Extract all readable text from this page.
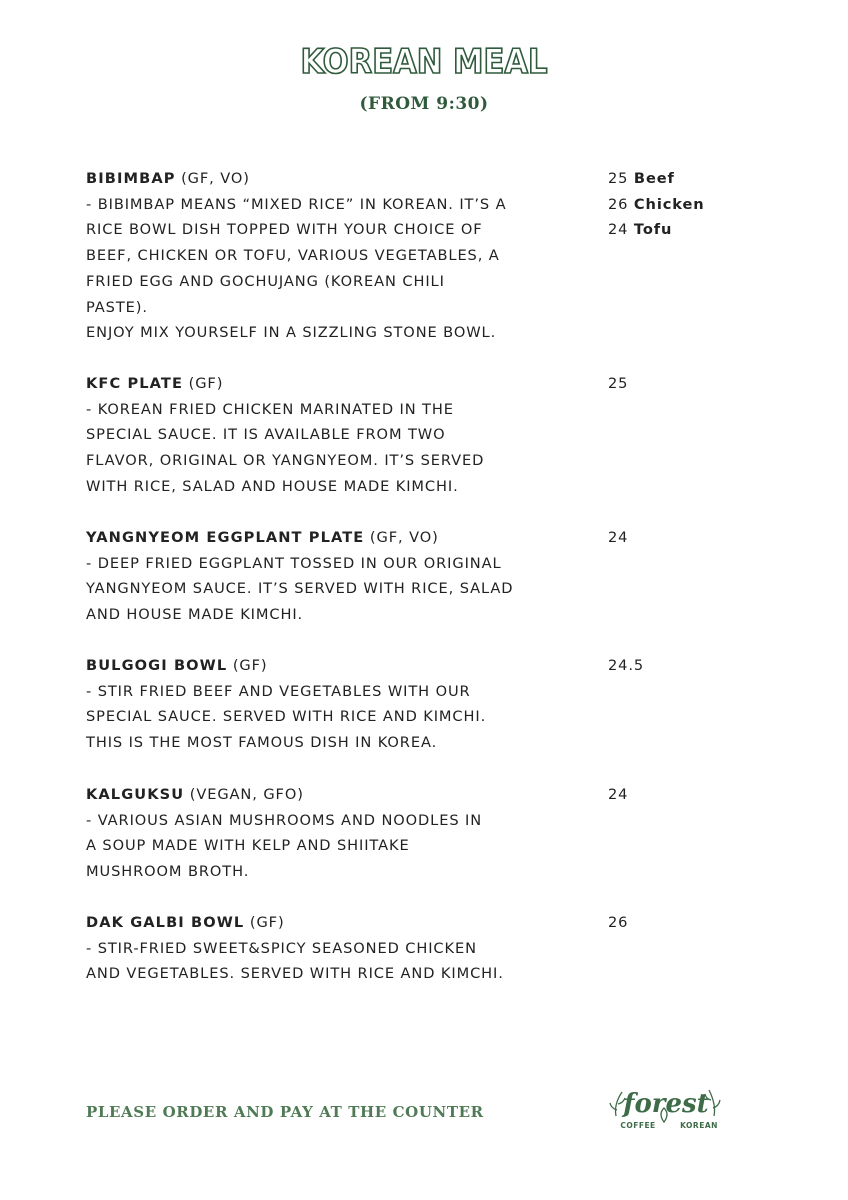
KOREAN MEAL
(FROM 9:30)
BIBIMBAP (GF, VO)
- BIBIMBAP MEANS “MIXED RICE” IN KOREAN. IT’S A
RICE BOWL DISH TOPPED WITH YOUR CHOICE OF
BEEF, CHICKEN OR TOFU, VARIOUS VEGETABLES, A
FRIED EGG AND GOCHUJANG (KOREAN CHILI
PASTE).
ENJOY MIX YOURSELF IN A SIZZLING STONE BOWL.
25 Beef
26 Chicken
24 Tofu
KFC PLATE (GF)
- KOREAN FRIED CHICKEN MARINATED IN THE
SPECIAL SAUCE. IT IS AVAILABLE FROM TWO
FLAVOR, ORIGINAL OR YANGNYEOM. IT’S SERVED
WITH RICE, SALAD AND HOUSE MADE KIMCHI.
25
YANGNYEOM EGGPLANT PLATE (GF, VO)
- DEEP FRIED EGGPLANT TOSSED IN OUR ORIGINAL
YANGNYEOM SAUCE. IT’S SERVED WITH RICE, SALAD
AND HOUSE MADE KIMCHI.
24
BULGOGI BOWL (GF)
- STIR FRIED BEEF AND VEGETABLES WITH OUR
SPECIAL SAUCE. SERVED WITH RICE AND KIMCHI.
THIS IS THE MOST FAMOUS DISH IN KOREA.
24.5
KALGUKSU (VEGAN, GFO)
- VARIOUS ASIAN MUSHROOMS AND NOODLES IN
A SOUP MADE WITH KELP AND SHIITAKE
MUSHROOM BROTH.
24
DAK GALBI BOWL (GF)
- STIR-FRIED SWEET&SPICY SEASONED CHICKEN
AND VEGETABLES. SERVED WITH RICE AND KIMCHI.
26
PLEASE ORDER AND PAY AT THE COUNTER	forest
COFFEE	KOREAN
